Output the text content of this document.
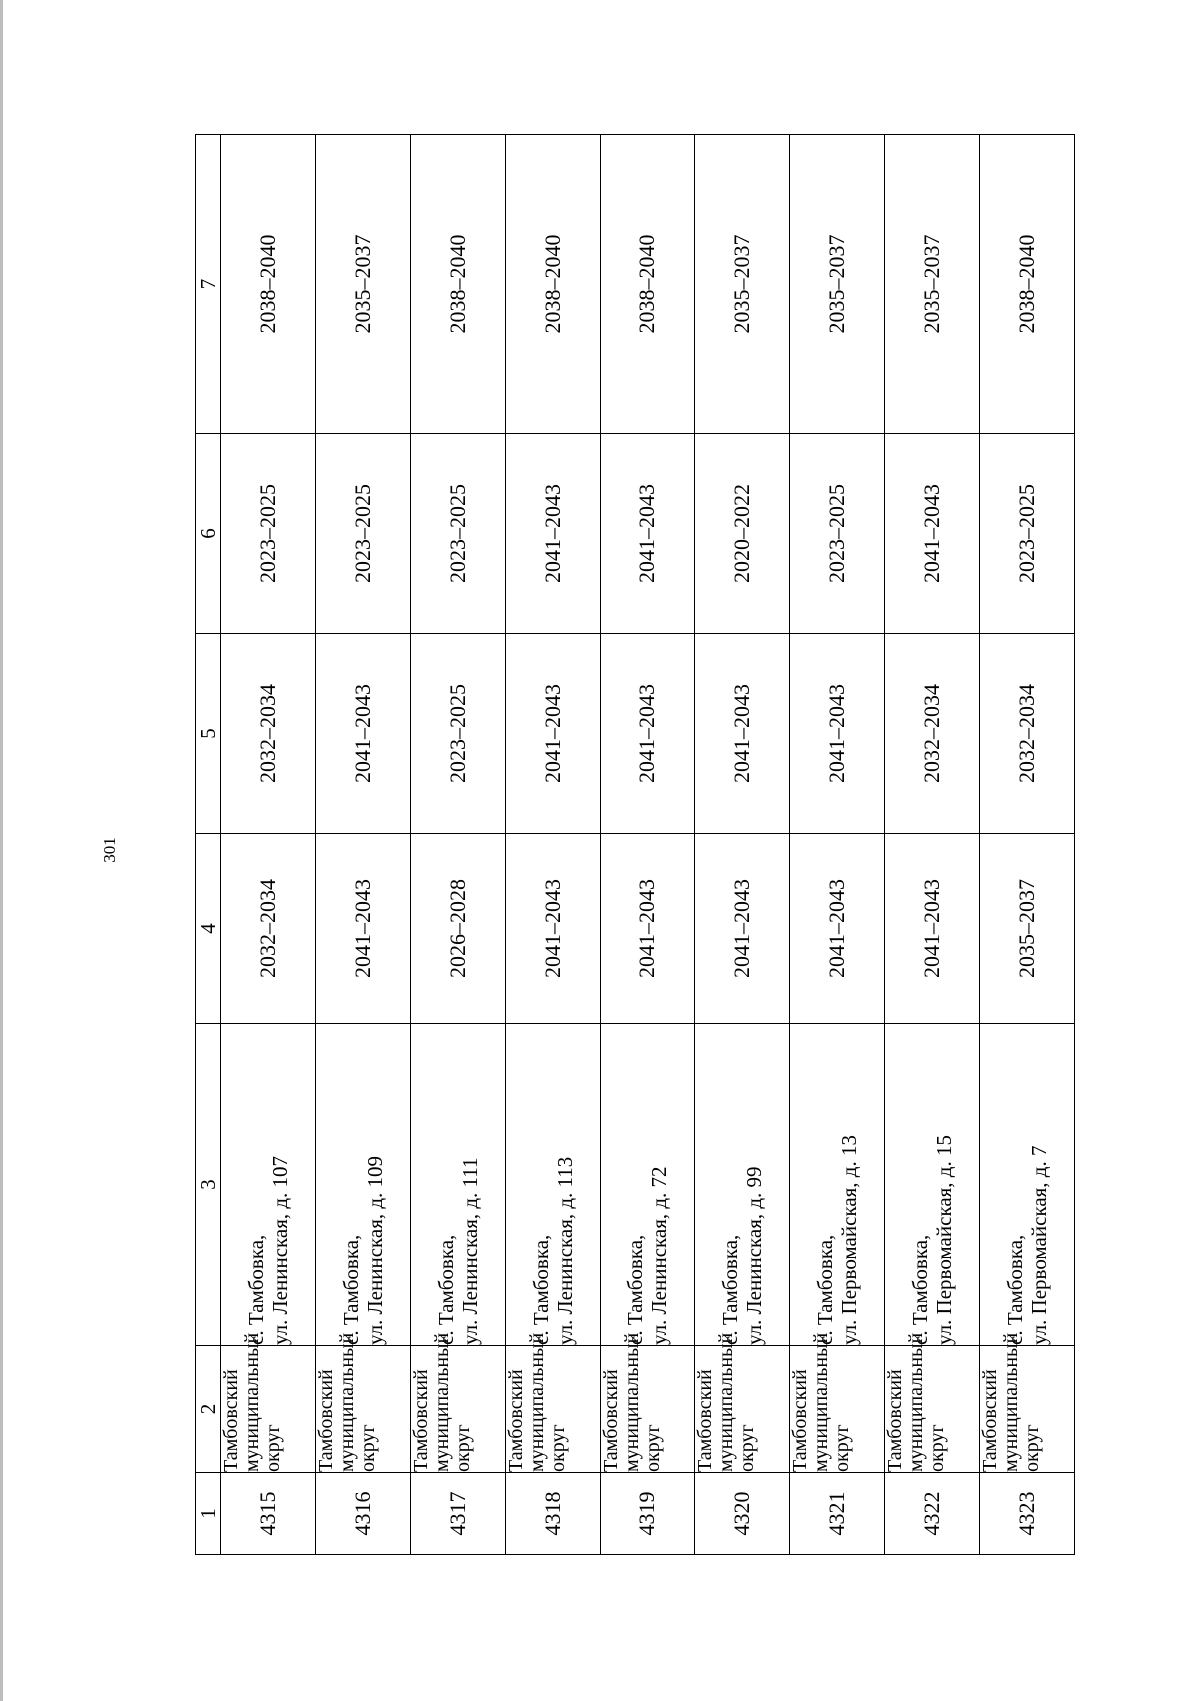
301
1	2	3	4	5	6	7
4315	Тамбовский муниципальный округ	с. Тамбовка, ул. Ленинская, д. 107	2032–2034	2032–2034	2023–2025	2038–2040
4316	Тамбовский муниципальный округ	с. Тамбовка, ул. Ленинская, д. 109	2041–2043	2041–2043	2023–2025	2035–2037
4317	Тамбовский муниципальный округ	с. Тамбовка, ул. Ленинская, д. 111	2026–2028	2023–2025	2023–2025	2038–2040
4318	Тамбовский муниципальный округ	с. Тамбовка, ул. Ленинская, д. 113	2041–2043	2041–2043	2041–2043	2038–2040
4319	Тамбовский муниципальный округ	с. Тамбовка, ул. Ленинская, д. 72	2041–2043	2041–2043	2041–2043	2038–2040
4320	Тамбовский муниципальный округ	с. Тамбовка, ул. Ленинская, д. 99	2041–2043	2041–2043	2020–2022	2035–2037
4321	Тамбовский муниципальный округ	с. Тамбовка, ул. Первомайская, д. 13	2041–2043	2041–2043	2023–2025	2035–2037
4322	Тамбовский муниципальный округ	с. Тамбовка, ул. Первомайская, д. 15	2041–2043	2032–2034	2041–2043	2035–2037
4323	Тамбовский муниципальный округ	с. Тамбовка, ул. Первомайская, д. 7	2035–2037	2032–2034	2023–2025	2038–2040
